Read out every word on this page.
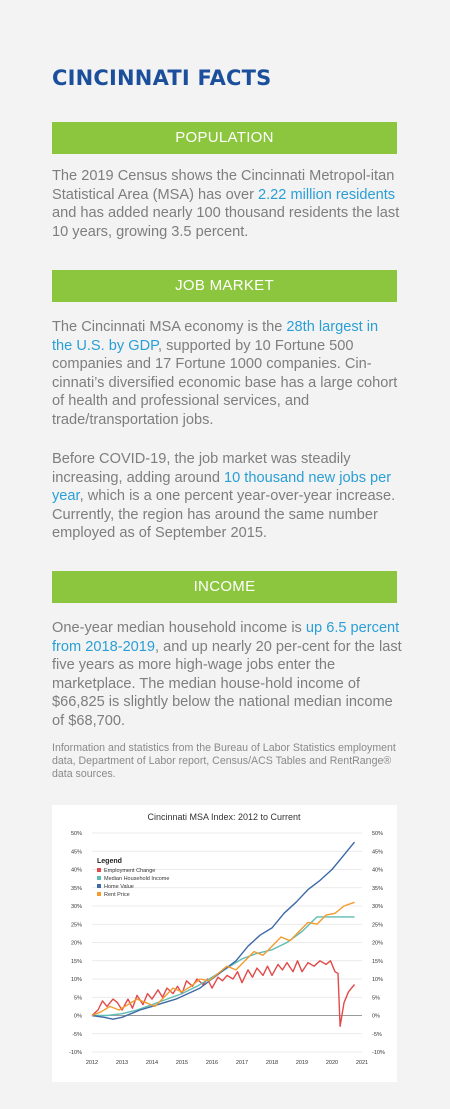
CINCINNATI FACTS
POPULATION
The 2019 Census shows the Cincinnati Metropol-itan Statistical Area (MSA) has over 2.22 million residents and has added nearly 100 thousand residents the last 10 years, growing 3.5 percent.
JOB MARKET
The Cincinnati MSA economy is the 28th largest in the U.S. by GDP, supported by 10 Fortune 500 companies and 17 Fortune 1000 companies. Cin-cinnati’s diversified economic base has a large cohort of health and professional services, and trade/transportation jobs.
Before COVID-19, the job market was steadily increasing, adding around 10 thousand new jobs per year, which is a one percent year-over-year increase. Currently, the region has around the same number employed as of September 2015.
INCOME
One-year median household income is up 6.5 percent from 2018-2019, and up nearly 20 per-cent for the last five years as more high-wage jobs enter the marketplace. The median house-hold income of $66,825 is slightly below the national median income of $68,700.
Information and statistics from the Bureau of Labor Statistics employment data, Department of Labor report, Census/ACS Tables and RentRange® data sources.
Cincinnati MSA Index: 2012 to Current
-10%	-10%
-5%	-5%
0%	0%
5%	5%
10%	10%
15%	15%
20%	20%
25%	25%
30%	30%
35%	35%
40%	40%
45%	45%
50%	50%
2012	2013	2014	2015	2016	2017	2018	2019	2020	2021
Legend
Employment Change
Median Household Income
Home Value
Rent Price
